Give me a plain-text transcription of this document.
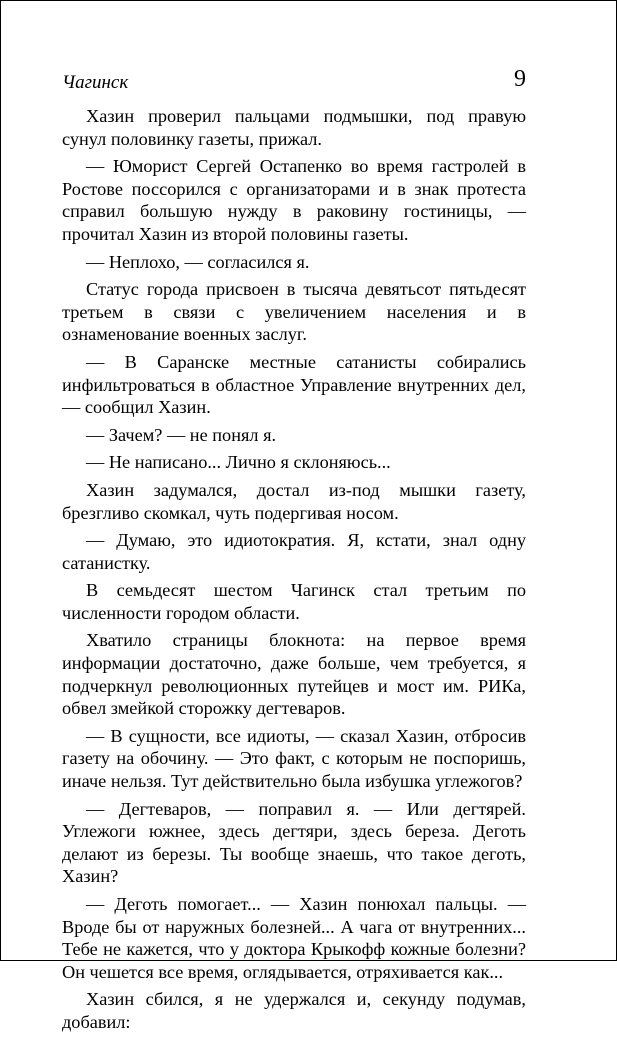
Чагинск	9

Хазин проверил пальцами подмышки, под правую сунул половинку газеты, прижал.

— Юморист Сергей Остапенко во время гастролей в Ростове поссорился с организаторами и в знак протеста справил большую нужду в раковину гостиницы, — прочитал Хазин из второй половины газеты.

— Неплохо, — согласился я.

Статус города присвоен в тысяча девятьсот пятьдесят третьем в связи с увеличением населения и в ознаменование военных заслуг.

— В Саранске местные сатанисты собирались инфильтроваться в областное Управление внутренних дел, — сообщил Хазин.

— Зачем? — не понял я.

— Не написано... Лично я склоняюсь...

Хазин задумался, достал из-под мышки газету, брезгливо скомкал, чуть подергивая носом.

— Думаю, это идиотократия. Я, кстати, знал одну сатанистку.

В семьдесят шестом Чагинск стал третьим по численности городом области.

Хватило страницы блокнота: на первое время информации достаточно, даже больше, чем требуется, я подчеркнул революционных путейцев и мост им. РИКа, обвел змейкой сторожку дегтеваров.

— В сущности, все идиоты, — сказал Хазин, отбросив газету на обочину. — Это факт, с которым не поспоришь, иначе нельзя. Тут действительно была избушка углежогов?

— Дегтеваров, — поправил я. — Или дегтярей. Углежоги южнее, здесь дегтяри, здесь береза. Деготь делают из березы. Ты вообще знаешь, что такое деготь, Хазин?

— Деготь помогает... — Хазин понюхал пальцы. — Вроде бы от наружных болезней... А чага от внутренних... Тебе не кажется, что у доктора Крыкофф кожные болезни? Он чешется все время, оглядывается, отряхивается как...

Хазин сбился, я не удержался и, секунду подумав, добавил:
